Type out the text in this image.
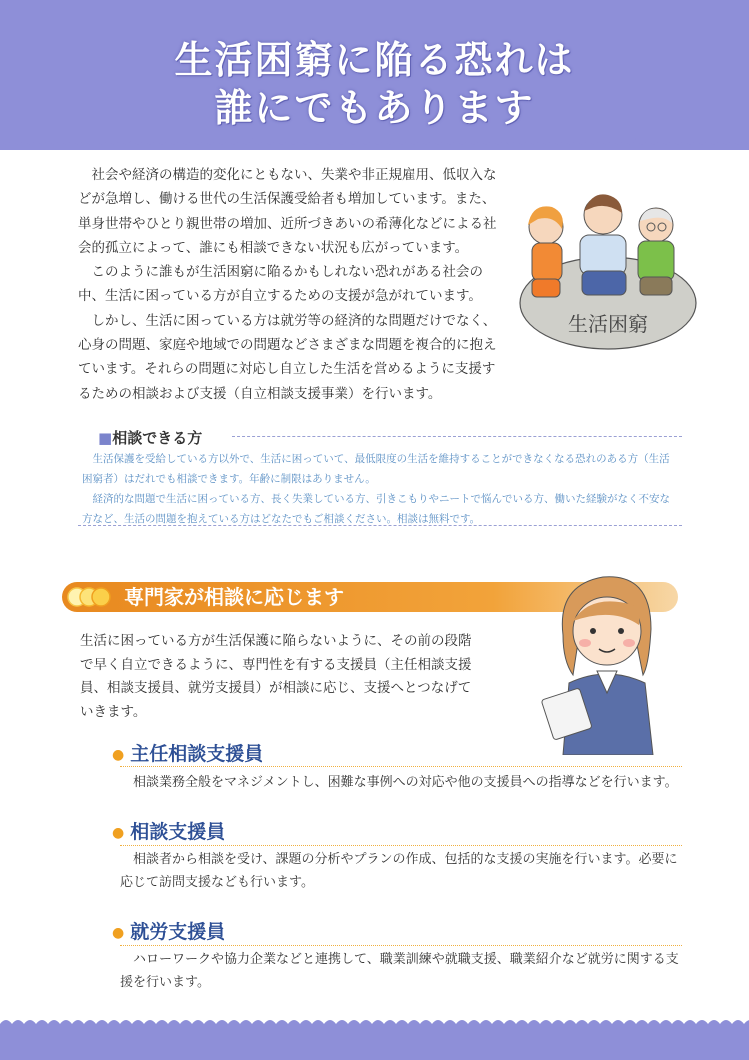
生活困窮に陥る恐れは
誰にでもあります

社会や経済の構造的変化にともない、失業や非正規雇用、低収入などが急増し、働ける世代の生活保護受給者も増加しています。また、単身世帯やひとり親世帯の増加、近所づきあいの希薄化などによる社会的孤立によって、誰にも相談できない状況も広がっています。

このように誰もが生活困窮に陥るかもしれない恐れがある社会の中、生活に困っている方が自立するための支援が急がれています。

しかし、生活に困っている方は就労等の経済的な問題だけでなく、心身の問題、家庭や地域での問題などさまざまな問題を複合的に抱えています。それらの問題に対応し自立した生活を営めるように支援するための相談および支援（自立相談支援事業）を行います。

生活困窮
■相談できる方

生活保護を受給している方以外で、生活に困っていて、最低限度の生活を維持することができなくなる恐れのある方（生活困窮者）はだれでも相談できます。年齢に制限はありません。

経済的な問題で生活に困っている方、長く失業している方、引きこもりやニートで悩んでいる方、働いた経験がなく不安な方など、生活の問題を抱えている方はどなたでもご相談ください。相談は無料です。

専門家が相談に応じます

生活に困っている方が生活保護に陥らないように、その前の段階で早く自立できるように、専門性を有する支援員（主任相談支援員、相談支援員、就労支援員）が相談に応じ、支援へとつなげていきます。

● 主任相談支援員

相談業務全般をマネジメントし、困難な事例への対応や他の支援員への指導などを行います。

● 相談支援員

相談者から相談を受け、課題の分析やプランの作成、包括的な支援の実施を行います。必要に応じて訪問支援なども行います。

● 就労支援員

ハローワークや協力企業などと連携して、職業訓練や就職支援、職業紹介など就労に関する支援を行います。
